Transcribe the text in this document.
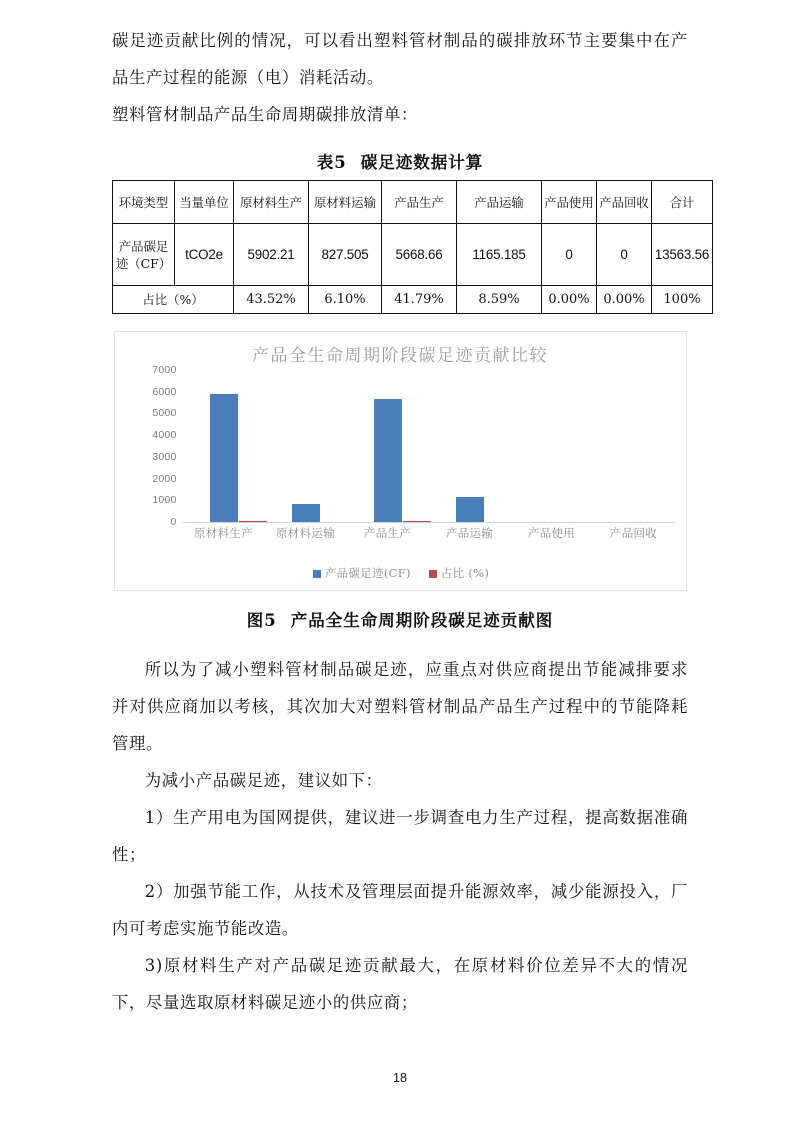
碳足迹贡献比例的情况，可以看出塑料管材制品的碳排放环节主要集中在产品生产过程的能源（电）消耗活动。

塑料管材制品产品生命周期碳排放清单：

表5 碳足迹数据计算
环境类型	当量单位	原材料生产	原材料运输	产品生产	产品运输	产品使用	产品回收	合计
产品碳足迹（CF）	tCO2e	5902.21	827.505	5668.66	1165.185	0	0	13563.56
占比（%）		43.52%	6.10%	41.79%	8.59%	0.00%	0.00%	100%
产品全生命周期阶段碳足迹贡献比较
7000
6000
5000
4000
3000
2000
1000
0
原材料生产 原材料运输	产品生产	产品运输	产品使用	产品回收
产品碳足迹(CF)	占比 (%)
图5 产品全生命周期阶段碳足迹贡献图

所以为了减小塑料管材制品碳足迹，应重点对供应商提出节能减排要求并对供应商加以考核，其次加大对塑料管材制品产品生产过程中的节能降耗管理。

为减小产品碳足迹，建议如下：

1）生产用电为国网提供，建议进一步调查电力生产过程，提高数据准确性；

2）加强节能工作，从技术及管理层面提升能源效率，减少能源投入，厂内可考虑实施节能改造。

3)原材料生产对产品碳足迹贡献最大，在原材料价位差异不大的情况下，尽量选取原材料碳足迹小的供应商；

18
